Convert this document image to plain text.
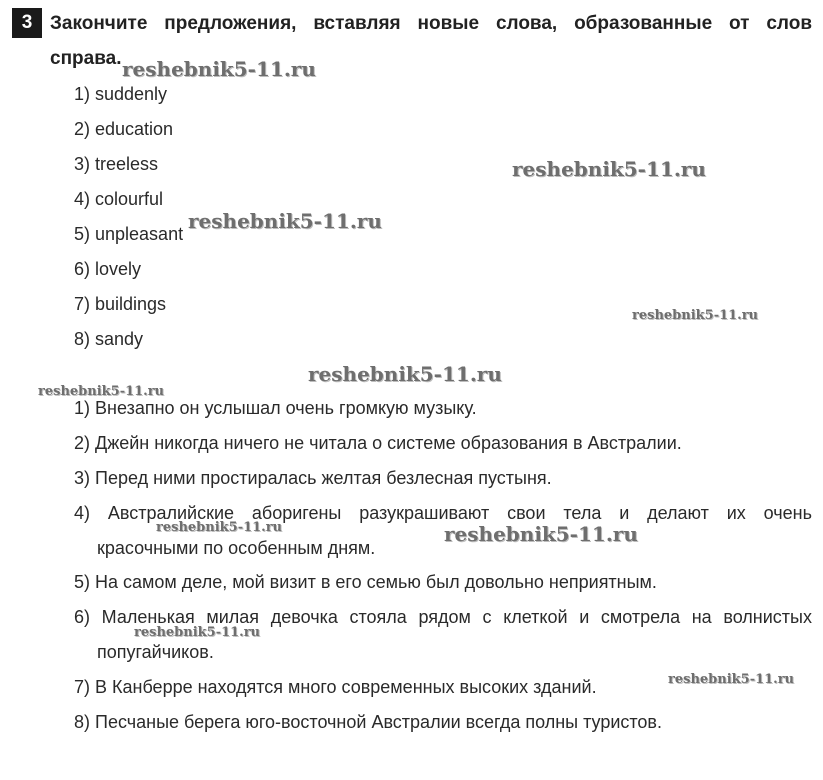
3 Закончите предложения, вставляя новые слова, образованные от слов
справа.
1) suddenly
2) education
3) treeless
4) colourful
5) unpleasant
6) lovely
7) buildings
8) sandy
1) Внезапно он услышал очень громкую музыку.
2) Джейн никогда ничего не читала о системе образования в Австралии.
3) Перед ними простиралась желтая безлесная пустыня.
4) Австралийские аборигены разукрашивают свои тела и делают их очень
красочными по особенным дням.
5) На самом деле, мой визит в его семью был довольно неприятным.
6) Маленькая милая девочка стояла рядом с клеткой и смотрела на волнистых
попугайчиков.
7) В Канберре находятся много современных высоких зданий.
8) Песчаные берега юго-восточной Австралии всегда полны туристов.
reshebnik5-11.ru
reshebnik5-11.ru
reshebnik5-11.ru
reshebnik5-11.ru
reshebnik5-11.ru
reshebnik5-11.ru
reshebnik5-11.ru	reshebnik5-11.ru
reshebnik5-11.ru
reshebnik5-11.ru
